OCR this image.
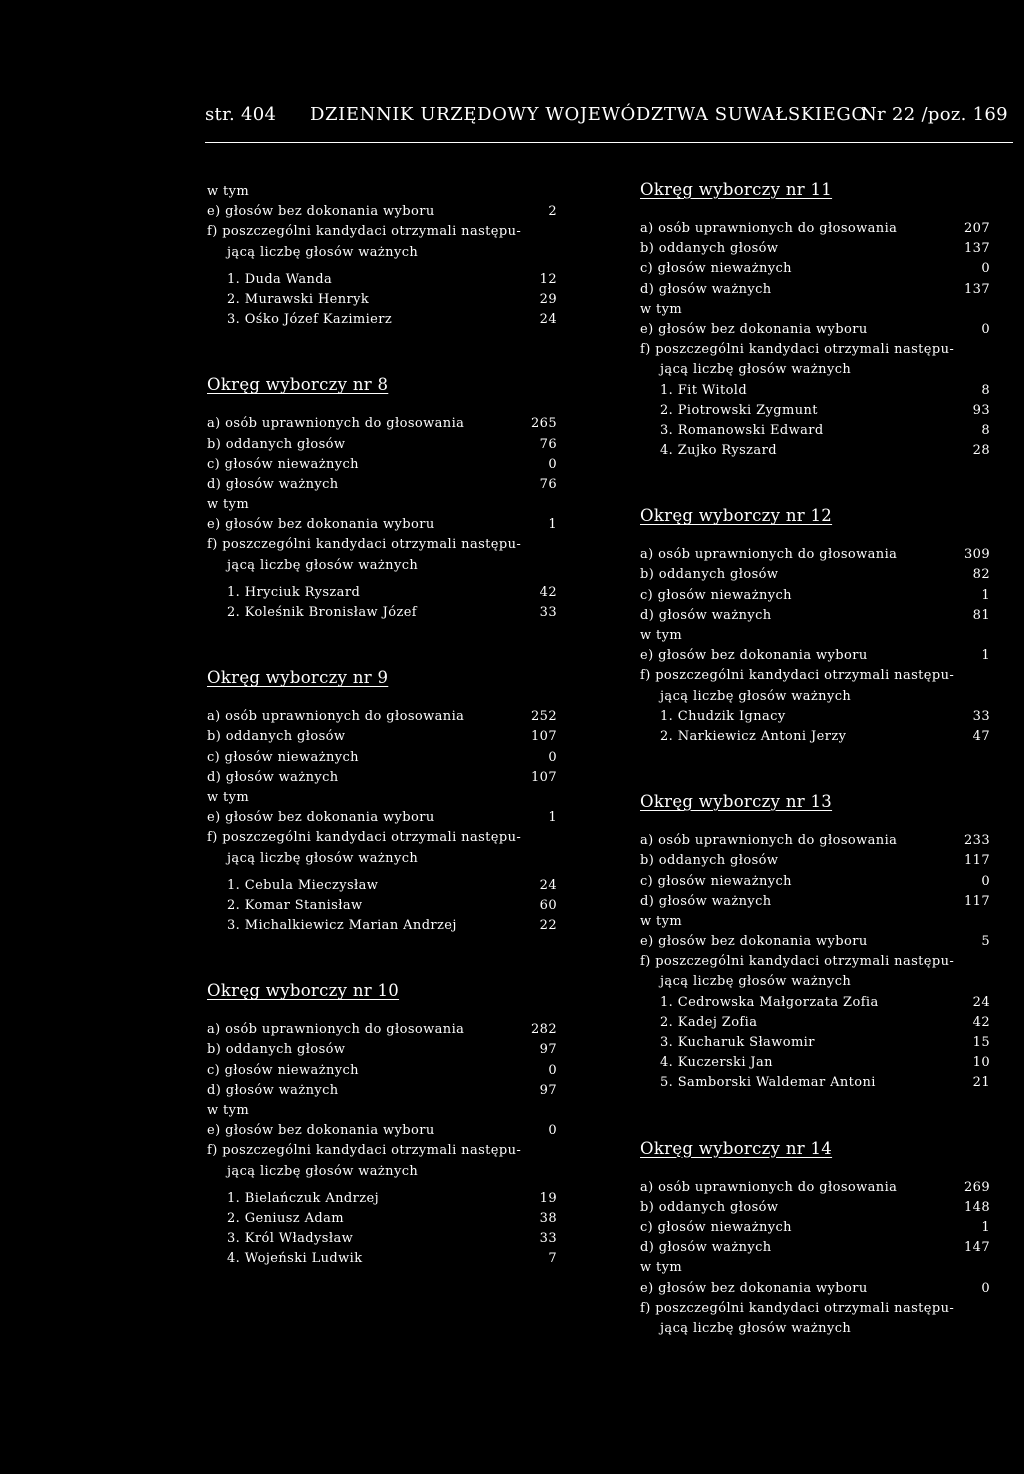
str. 404 DZIENNIK URZĘDOWY WOJEWÓDZTWA SUWAŁSKIEGO
Nr 22 /poz. 169
w tym
e) głosów bez dokonania wyboru	2
f) poszczególni kandydaci otrzymali następu-
jącą liczbę głosów ważnych
1. Duda Wanda	12
2. Murawski Henryk	29
3. Ośko Józef Kazimierz	24
Okręg wyborczy nr 8
a) osób uprawnionych do głosowania	265
b) oddanych głosów	76
c) głosów nieważnych	0
d) głosów ważnych	76
w tym
e) głosów bez dokonania wyboru	1
f) poszczególni kandydaci otrzymali następu-
jącą liczbę głosów ważnych
1. Hryciuk Ryszard	42
2. Koleśnik Bronisław Józef	33
Okręg wyborczy nr 9
a) osób uprawnionych do głosowania	252
b) oddanych głosów	107
c) głosów nieważnych	0
d) głosów ważnych	107
w tym
e) głosów bez dokonania wyboru	1
f) poszczególni kandydaci otrzymali następu-
jącą liczbę głosów ważnych
1. Cebula Mieczysław	24
2. Komar Stanisław	60
3. Michalkiewicz Marian Andrzej	22
Okręg wyborczy nr 10
a) osób uprawnionych do głosowania	282
b) oddanych głosów	97
c) głosów nieważnych	0
d) głosów ważnych	97
w tym
e) głosów bez dokonania wyboru	0
f) poszczególni kandydaci otrzymali następu-
jącą liczbę głosów ważnych
1. Bielańczuk Andrzej	19
2. Geniusz Adam	38
3. Król Władysław	33
4. Wojeński Ludwik	7
Okręg wyborczy nr 11
a) osób uprawnionych do głosowania	207
b) oddanych głosów	137
c) głosów nieważnych	0
d) głosów ważnych	137
w tym
e) głosów bez dokonania wyboru	0
f) poszczególni kandydaci otrzymali następu-
jącą liczbę głosów ważnych
1. Fit Witold	8
2. Piotrowski Zygmunt	93
3. Romanowski Edward	8
4. Zujko Ryszard	28
Okręg wyborczy nr 12
a) osób uprawnionych do głosowania	309
b) oddanych głosów	82
c) głosów nieważnych	1
d) głosów ważnych	81
w tym
e) głosów bez dokonania wyboru	1
f) poszczególni kandydaci otrzymali następu-
jącą liczbę głosów ważnych
1. Chudzik Ignacy	33
2. Narkiewicz Antoni Jerzy	47
Okręg wyborczy nr 13
a) osób uprawnionych do głosowania	233
b) oddanych głosów	117
c) głosów nieważnych	0
d) głosów ważnych	117
w tym
e) głosów bez dokonania wyboru	5
f) poszczególni kandydaci otrzymali następu-
jącą liczbę głosów ważnych
1. Cedrowska Małgorzata Zofia	24
2. Kadej Zofia	42
3. Kucharuk Sławomir	15
4. Kuczerski Jan	10
5. Samborski Waldemar Antoni	21
Okręg wyborczy nr 14
a) osób uprawnionych do głosowania	269
b) oddanych głosów	148
c) głosów nieważnych	1
d) głosów ważnych	147
w tym
e) głosów bez dokonania wyboru	0
f) poszczególni kandydaci otrzymali następu-
jącą liczbę głosów ważnych
